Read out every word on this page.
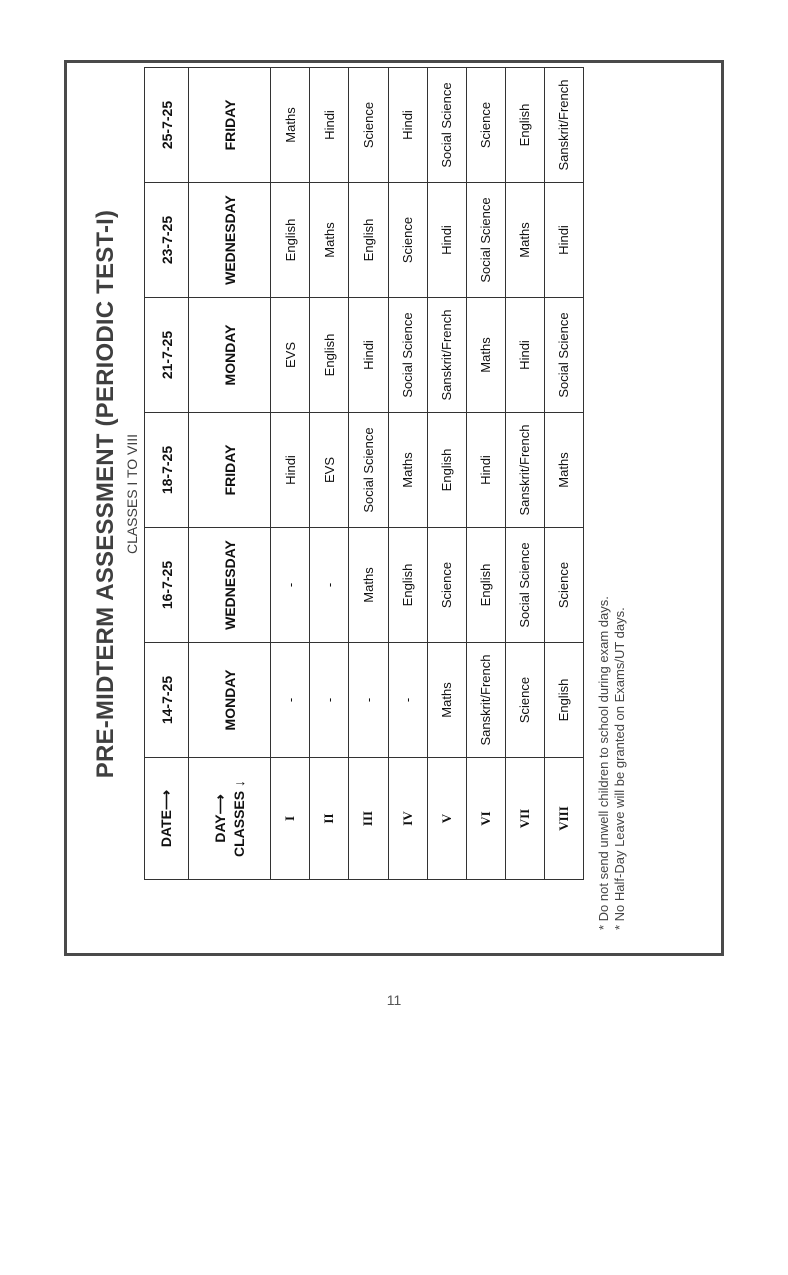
PRE-MIDTERM ASSESSMENT (PERIODIC TEST-I) CLASSES I TO VIII
DATE⟶	14-7-25	16-7-25	18-7-25	21-7-25	23-7-25	25-7-25

DAY⟶ CLASSES ↓	MONDAY	WEDNESDAY	FRIDAY	MONDAY	WEDNESDAY	FRIDAY
I	-	-	Hindi	EVS	English	Maths
II	-	-	EVS	English	Maths	Hindi
III	-	Maths	Social Science	Hindi	English	Science
IV	-	English	Maths	Social Science	Science	Hindi
V	Maths	Science	English	Sanskrit/French	Hindi	Social Science
VI	Sanskrit/French	English	Hindi	Maths	Social Science	Science
VII	Science	Social Science	Sanskrit/French	Hindi	Maths	English
VIII	English	Science	Maths	Social Science	Hindi	Sanskrit/French
* Do not send unwell children to school during exam days. * No Half-Day Leave will be granted on Exams/UT days.
11
